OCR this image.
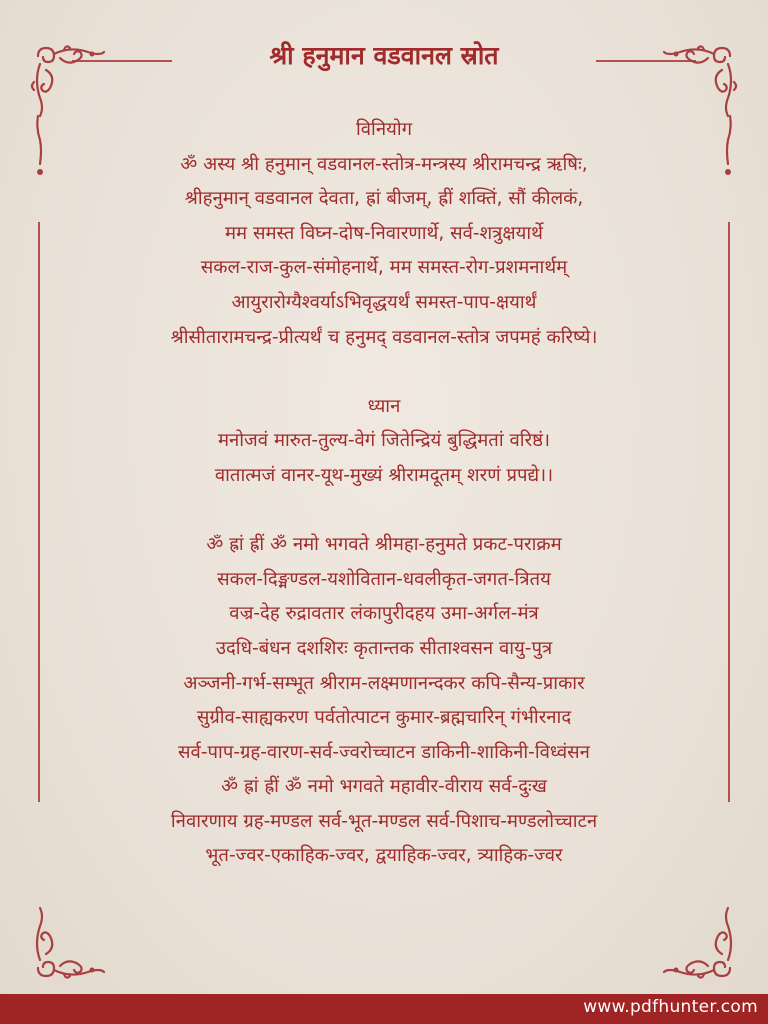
श्री हनुमान वडवानल स्रोत
विनियोग
ॐ अस्य श्री हनुमान् वडवानल-स्तोत्र-मन्त्रस्य श्रीरामचन्द्र ऋषिः,
श्रीहनुमान् वडवानल देवता, ह्रां बीजम्, ह्रीं शक्तिं, सौं कीलकं,
मम समस्त विघ्न-दोष-निवारणार्थे, सर्व-शत्रुक्षयार्थे
सकल-राज-कुल-संमोहनार्थे, मम समस्त-रोग-प्रशमनार्थम्
आयुरारोग्यैश्वर्याऽभिवृद्धयर्थं समस्त-पाप-क्षयार्थं
श्रीसीतारामचन्द्र-प्रीत्यर्थं च हनुमद् वडवानल-स्तोत्र जपमहं करिष्ये।
ध्यान
मनोजवं मारुत-तुल्य-वेगं जितेन्द्रियं बुद्धिमतां वरिष्ठं।
वातात्मजं वानर-यूथ-मुख्यं श्रीरामदूतम् शरणं प्रपद्ये।।
ॐ ह्रां ह्रीं ॐ नमो भगवते श्रीमहा-हनुमते प्रकट-पराक्रम
सकल-दिङ्मण्डल-यशोवितान-धवलीकृत-जगत-त्रितय
वज्र-देह रुद्रावतार लंकापुरीदहय उमा-अर्गल-मंत्र
उदधि-बंधन दशशिरः कृतान्तक सीताश्वसन वायु-पुत्र
अञ्जनी-गर्भ-सम्भूत श्रीराम-लक्ष्मणानन्दकर कपि-सैन्य-प्राकार
सुग्रीव-साह्यकरण पर्वतोत्पाटन कुमार-ब्रह्मचारिन् गंभीरनाद
सर्व-पाप-ग्रह-वारण-सर्व-ज्वरोच्चाटन डाकिनी-शाकिनी-विध्वंसन
ॐ ह्रां ह्रीं ॐ नमो भगवते महावीर-वीराय सर्व-दुःख
निवारणाय ग्रह-मण्डल सर्व-भूत-मण्डल सर्व-पिशाच-मण्डलोच्चाटन
भूत-ज्वर-एकाहिक-ज्वर, द्वयाहिक-ज्वर, त्र्याहिक-ज्वर
www.pdfhunter.com
